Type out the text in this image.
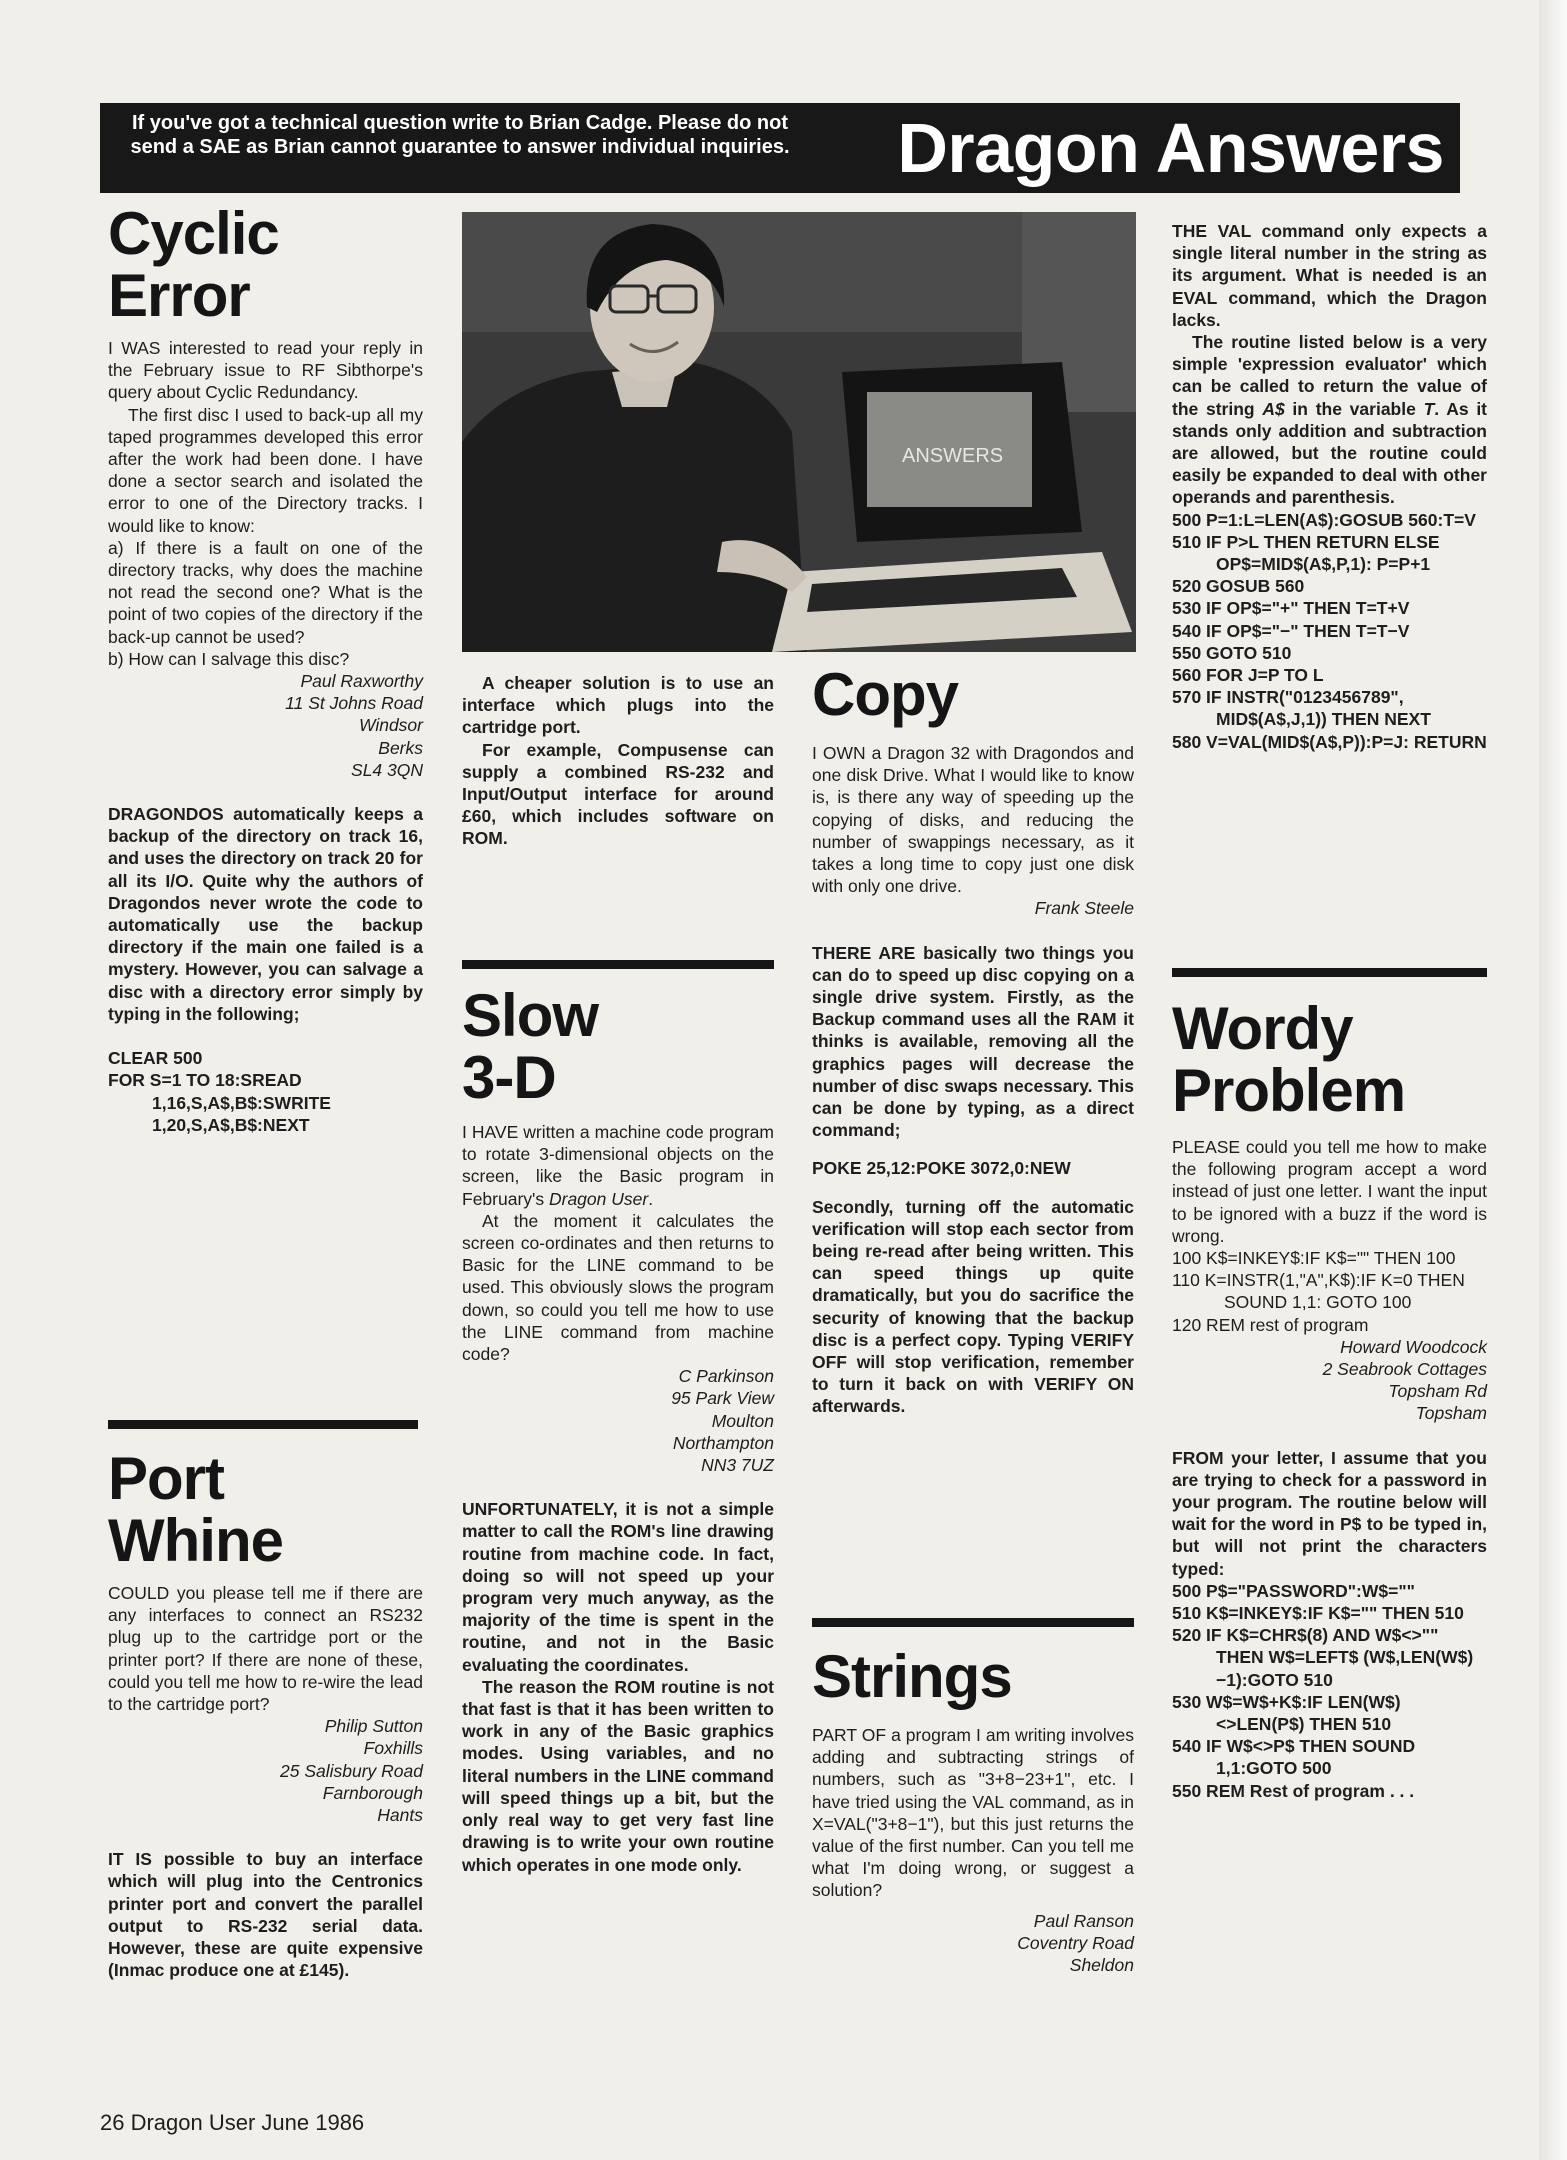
If you've got a technical question write to Brian Cadge. Please do not send a SAE as Brian cannot guarantee to answer individual inquiries. Dragon Answers
Cyclic Error
I WAS interested to read your reply in the February issue to RF Sibthorpe's query about Cyclic Redundancy.
The first disc I used to back-up all my taped programmes developed this error after the work had been done. I have done a sector search and isolated the error to one of the Directory tracks. I would like to know:
a) If there is a fault on one of the directory tracks, why does the machine not read the second one? What is the point of two copies of the directory if the back-up cannot be used?
b) How can I salvage this disc?
Paul Raxworthy
11 St Johns Road
Windsor
Berks
SL4 3QN
DRAGONDOS automatically keeps a backup of the directory on track 16, and uses the directory on track 20 for all its I/O. Quite why the authors of Dragondos never wrote the code to automatically use the backup directory if the main one failed is a mystery. However, you can salvage a disc with a directory error simply by typing in the following;
CLEAR 500
FOR S=1 TO 18:SREAD 1,16,S,A$,B$:SWRITE 1,20,S,A$,B$:NEXT
Port Whine
COULD you please tell me if there are any interfaces to connect an RS232 plug up to the cartridge port or the printer port? If there are none of these, could you tell me how to re-wire the lead to the cartridge port?
Philip Sutton
Foxhills
25 Salisbury Road
Farnborough
Hants
IT IS possible to buy an interface which will plug into the Centronics printer port and convert the parallel output to RS-232 serial data. However, these are quite expensive (Inmac produce one at £145).
ANSWERS
A cheaper solution is to use an interface which plugs into the cartridge port.
For example, Compusense can supply a combined RS-232 and Input/Output interface for around £60, which includes software on ROM.
Slow 3-D
I HAVE written a machine code program to rotate 3-dimensional objects on the screen, like the Basic program in February's Dragon User.
At the moment it calculates the screen co-ordinates and then returns to Basic for the LINE command to be used. This obviously slows the program down, so could you tell me how to use the LINE command from machine code?
C Parkinson
95 Park View
Moulton
Northampton
NN3 7UZ
UNFORTUNATELY, it is not a simple matter to call the ROM's line drawing routine from machine code. In fact, doing so will not speed up your program very much anyway, as the majority of the time is spent in the routine, and not in the Basic evaluating the coordinates.
The reason the ROM routine is not that fast is that it has been written to work in any of the Basic graphics modes. Using variables, and no literal numbers in the LINE command will speed things up a bit, but the only real way to get very fast line drawing is to write your own routine which operates in one mode only.
Copy
I OWN a Dragon 32 with Dragondos and one disk Drive. What I would like to know is, is there any way of speeding up the copying of disks, and reducing the number of swappings necessary, as it takes a long time to copy just one disk with only one drive.
Frank Steele
THERE ARE basically two things you can do to speed up disc copying on a single drive system. Firstly, as the Backup command uses all the RAM it thinks is available, removing all the graphics pages will decrease the number of disc swaps necessary. This can be done by typing, as a direct command;
POKE 25,12:POKE 3072,0:NEW
Secondly, turning off the automatic verification will stop each sector from being re-read after being written. This can speed things up quite dramatically, but you do sacrifice the security of knowing that the backup disc is a perfect copy. Typing VERIFY OFF will stop verification, remember to turn it back on with VERIFY ON afterwards.
Strings
PART OF a program I am writing involves adding and subtracting strings of numbers, such as "3+8−23+1", etc. I have tried using the VAL command, as in X=VAL("3+8−1"), but this just returns the value of the first number. Can you tell me what I'm doing wrong, or suggest a solution?
Paul Ranson
Coventry Road
Sheldon
THE VAL command only expects a single literal number in the string as its argument. What is needed is an EVAL command, which the Dragon lacks.
The routine listed below is a very simple 'expression evaluator' which can be called to return the value of the string A$ in the variable T. As it stands only addition and subtraction are allowed, but the routine could easily be expanded to deal with other operands and parenthesis.
500 P=1:L=LEN(A$):GOSUB 560:T=V
510 IF P>L THEN RETURN ELSE OP$=MID$(A$,P,1): P=P+1
520 GOSUB 560
530 IF OP$="+" THEN T=T+V
540 IF OP$="−" THEN T=T−V
550 GOTO 510
560 FOR J=P TO L
570 IF INSTR("0123456789", MID$(A$,J,1)) THEN NEXT
580 V=VAL(MID$(A$,P)):P=J: RETURN
Wordy Problem
PLEASE could you tell me how to make the following program accept a word instead of just one letter. I want the input to be ignored with a buzz if the word is wrong.
100 K$=INKEY$:IF K$="" THEN 100
110 K=INSTR(1,"A",K$):IF K=0 THEN SOUND 1,1: GOTO 100
120 REM rest of program
Howard Woodcock
2 Seabrook Cottages
Topsham Rd
Topsham
FROM your letter, I assume that you are trying to check for a password in your program. The routine below will wait for the word in P$ to be typed in, but will not print the characters typed:
500 P$="PASSWORD":W$=""
510 K$=INKEY$:IF K$="" THEN 510
520 IF K$=CHR$(8) AND W$<>"" THEN W$=LEFT$ (W$,LEN(W$)−1):GOTO 510
530 W$=W$+K$:IF LEN(W$) <>LEN(P$) THEN 510
540 IF W$<>P$ THEN SOUND 1,1:GOTO 500
550 REM Rest of program . . .
26 Dragon User June 1986
